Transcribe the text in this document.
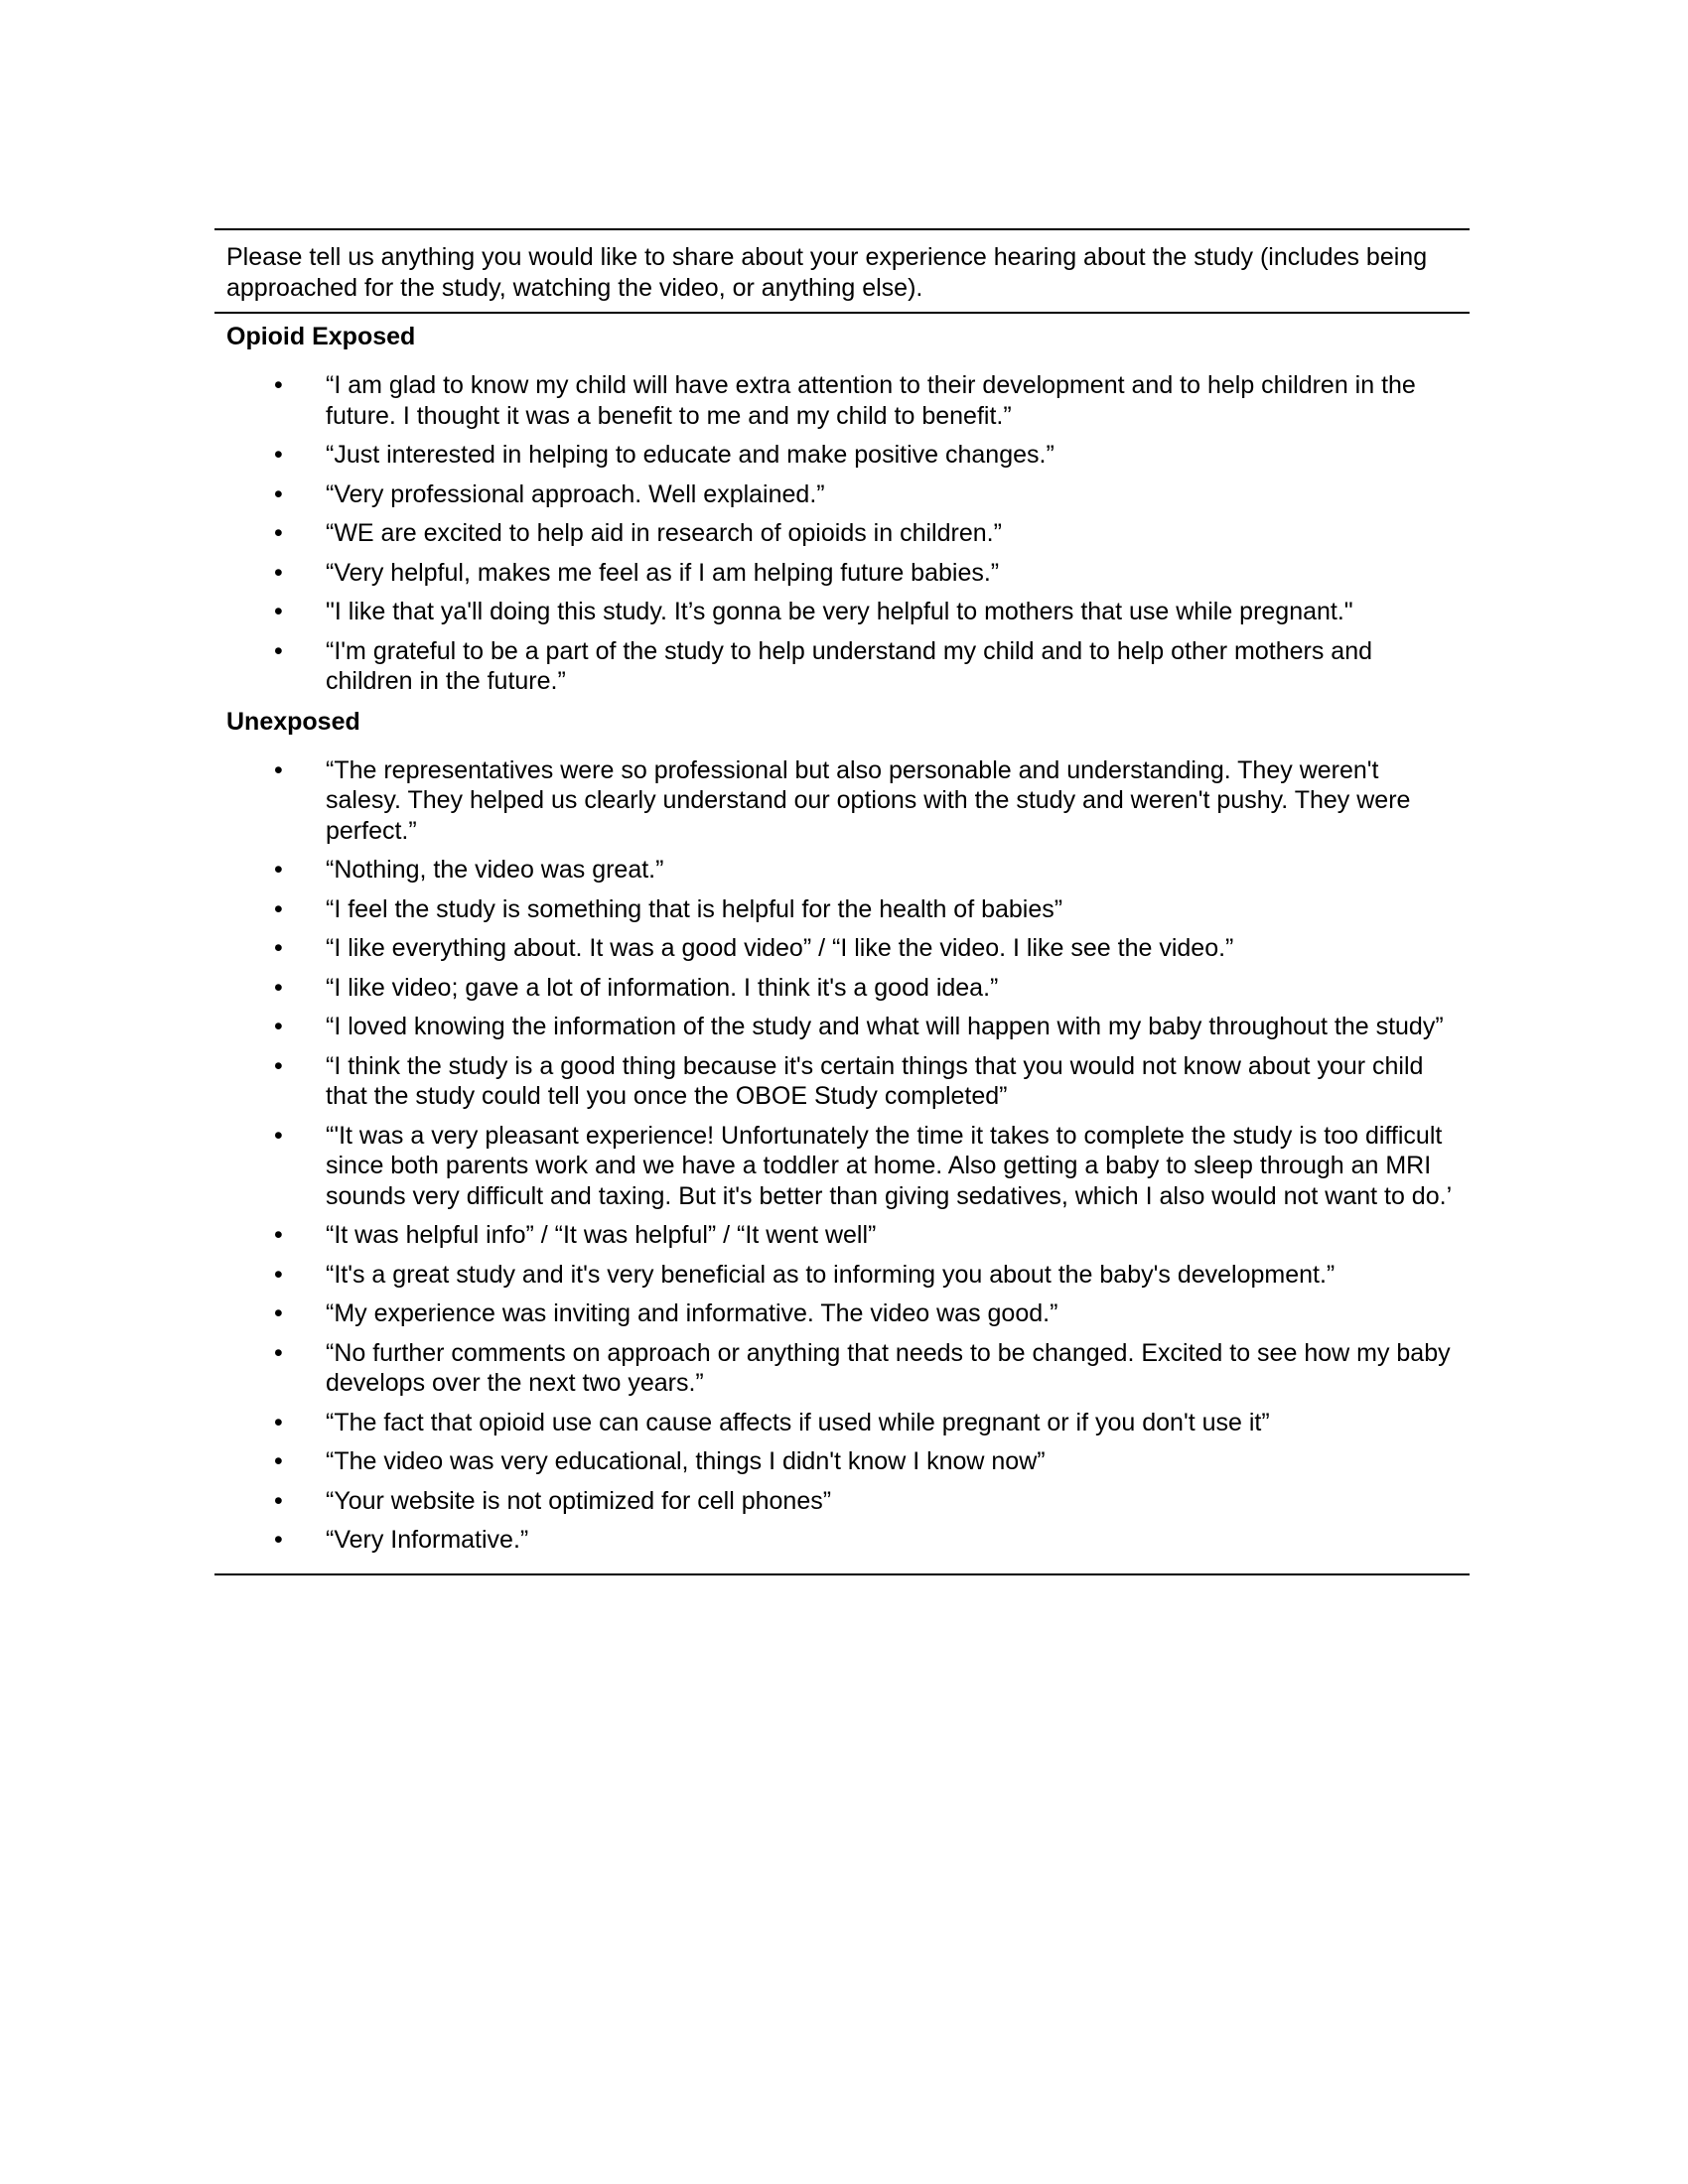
Please tell us anything you would like to share about your experience hearing about the study (includes being approached for the study, watching the video, or anything else).
Opioid Exposed
• “I am glad to know my child will have extra attention to their development and to help children in the future. I thought it was a benefit to me and my child to benefit.”
• “Just interested in helping to educate and make positive changes.”
• “Very professional approach. Well explained.”
• “WE are excited to help aid in research of opioids in children.”
• “Very helpful, makes me feel as if I am helping future babies.”
• "I like that ya'll doing this study. It’s gonna be very helpful to mothers that use while pregnant."
• “I'm grateful to be a part of the study to help understand my child and to help other mothers and children in the future.”
Unexposed
• “The representatives were so professional but also personable and understanding. They weren't salesy. They helped us clearly understand our options with the study and weren't pushy. They were perfect.”
• “Nothing, the video was great.”
• “I feel the study is something that is helpful for the health of babies”
• “I like everything about. It was a good video” / “I like the video. I like see the video.”
• “I like video; gave a lot of information. I think it's a good idea.”
• “I loved knowing the information of the study and what will happen with my baby throughout the study”
• “I think the study is a good thing because it's certain things that you would not know about your child that the study could tell you once the OBOE Study completed”
• “'It was a very pleasant experience! Unfortunately the time it takes to complete the study is too difficult since both parents work and we have a toddler at home. Also getting a baby to sleep through an MRI sounds very difficult and taxing. But it's better than giving sedatives, which I also would not want to do.’
• “It was helpful info” / “It was helpful” / “It went well”
• “It's a great study and it's very beneficial as to informing you about the baby's development.”
• “My experience was inviting and informative. The video was good.”
• “No further comments on approach or anything that needs to be changed. Excited to see how my baby develops over the next two years.”
• “The fact that opioid use can cause affects if used while pregnant or if you don't use it”
• “The video was very educational, things I didn't know I know now”
• “Your website is not optimized for cell phones”
• “Very Informative.”
